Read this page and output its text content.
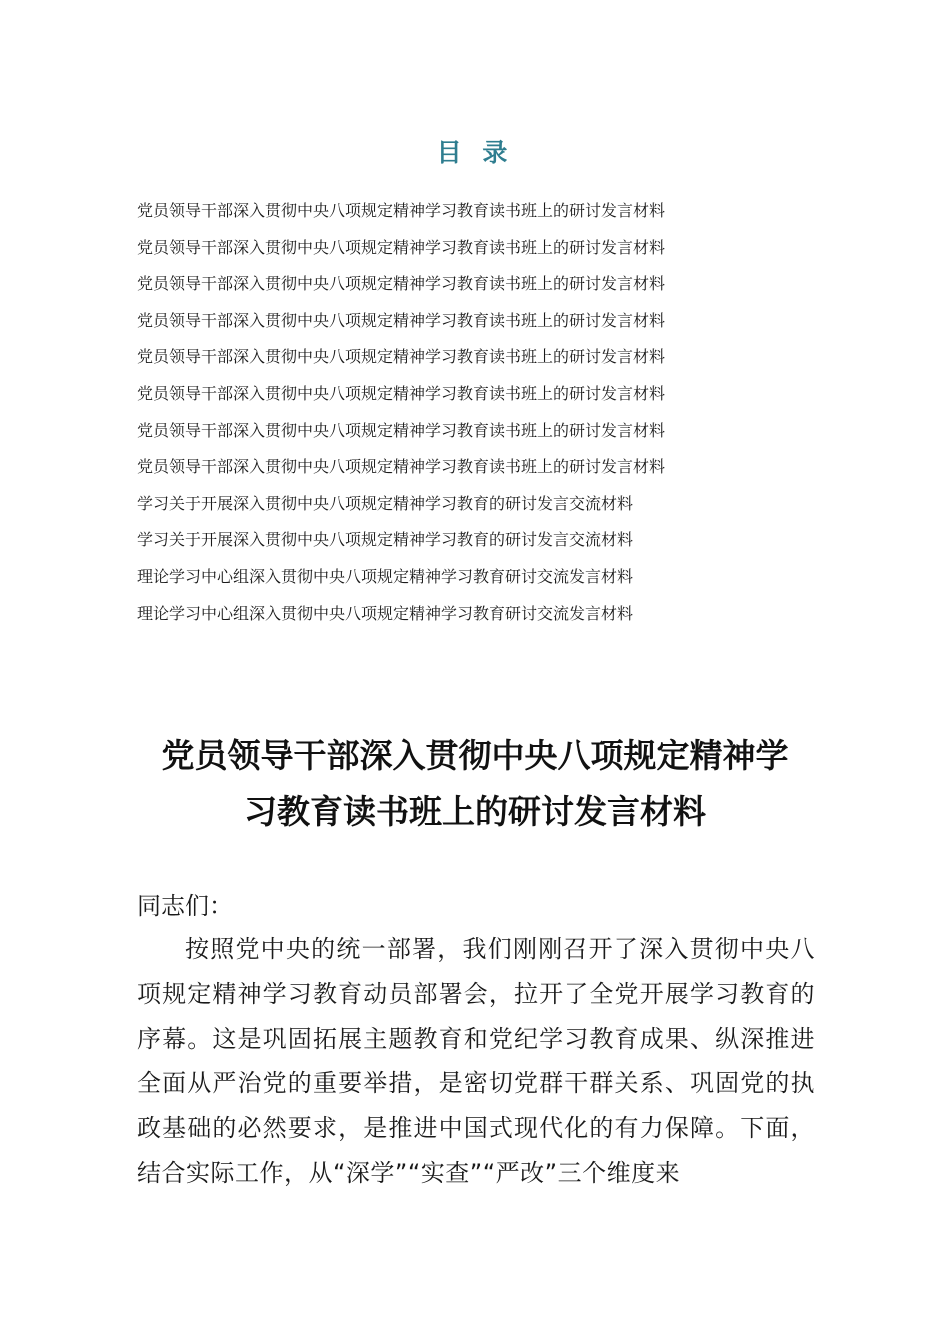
目 录
党员领导干部深入贯彻中央八项规定精神学习教育读书班上的研讨发言材料
党员领导干部深入贯彻中央八项规定精神学习教育读书班上的研讨发言材料
党员领导干部深入贯彻中央八项规定精神学习教育读书班上的研讨发言材料
党员领导干部深入贯彻中央八项规定精神学习教育读书班上的研讨发言材料
党员领导干部深入贯彻中央八项规定精神学习教育读书班上的研讨发言材料
党员领导干部深入贯彻中央八项规定精神学习教育读书班上的研讨发言材料
党员领导干部深入贯彻中央八项规定精神学习教育读书班上的研讨发言材料
党员领导干部深入贯彻中央八项规定精神学习教育读书班上的研讨发言材料
学习关于开展深入贯彻中央八项规定精神学习教育的研讨发言交流材料
学习关于开展深入贯彻中央八项规定精神学习教育的研讨发言交流材料
理论学习中心组深入贯彻中央八项规定精神学习教育研讨交流发言材料
理论学习中心组深入贯彻中央八项规定精神学习教育研讨交流发言材料
党员领导干部深入贯彻中央八项规定精神学
习教育读书班上的研讨发言材料
同志们：

按照党中央的统一部署，我们刚刚召开了深入贯彻中央八项规定精神学习教育动员部署会，拉开了全党开展学习教育的序幕。这是巩固拓展主题教育和党纪学习教育成果、纵深推进全面从严治党的重要举措，是密切党群干群关系、巩固党的执政基础的必然要求，是推进中国式现代化的有力保障。下面，结合实际工作，从“深学”“实查”“严改”三个维度来
